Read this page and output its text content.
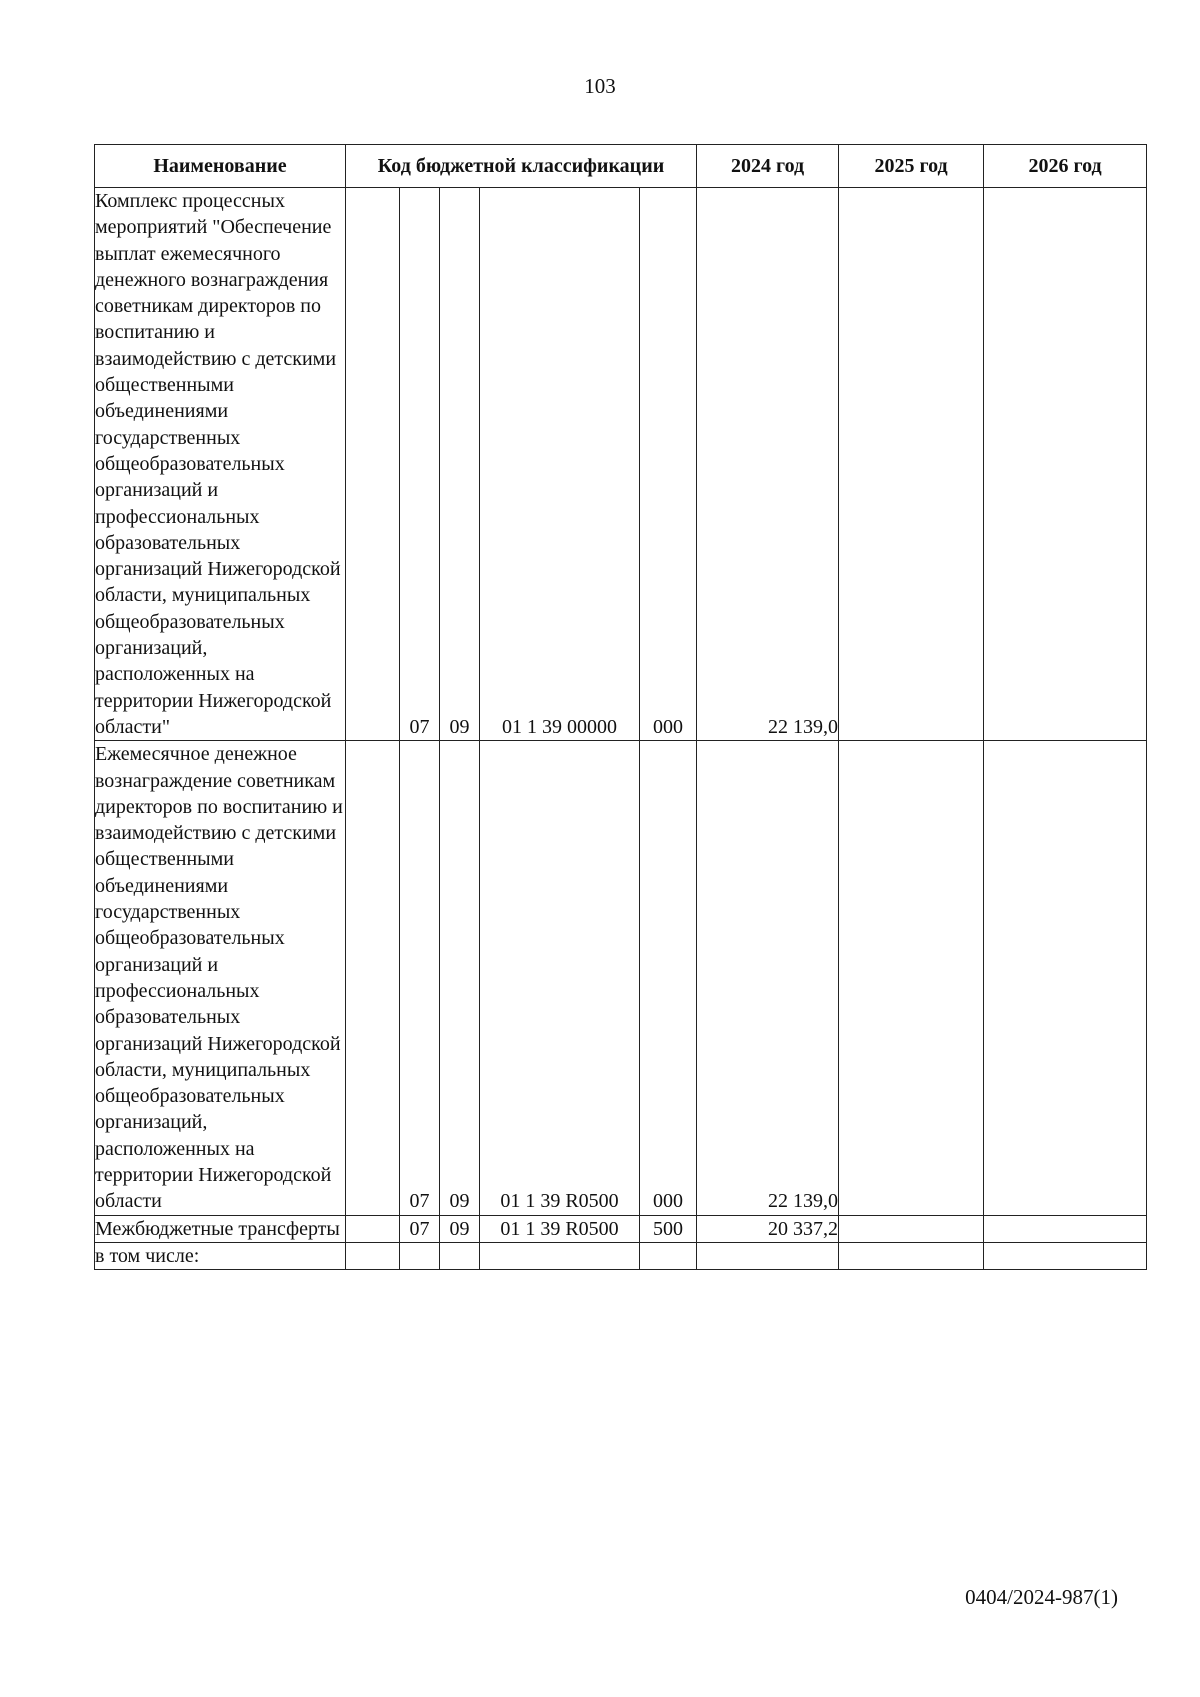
103
Наименование	Код бюджетной классификации					2024 год	2025 год	2026 год
Комплекс процессных мероприятий "Обеспечение выплат ежемесячного денежного вознаграждения советникам директоров по воспитанию и взаимодействию с детскими общественными объединениями государственных общеобразовательных организаций и профессиональных образовательных организаций Нижегородской области, муниципальных общеобразовательных организаций, расположенных на территории Нижегородской области"		07	09	01 1 39 00000	000	22 139,0		
Ежемесячное денежное вознаграждение советникам директоров по воспитанию и взаимодействию с детскими общественными объединениями государственных общеобразовательных организаций и профессиональных образовательных организаций Нижегородской области, муниципальных общеобразовательных организаций, расположенных на территории Нижегородской области		07	09	01 1 39 R0500	000	22 139,0		
Межбюджетные трансферты		07	09	01 1 39 R0500	500	20 337,2		
в том числе:								
0404/2024-987(1)
